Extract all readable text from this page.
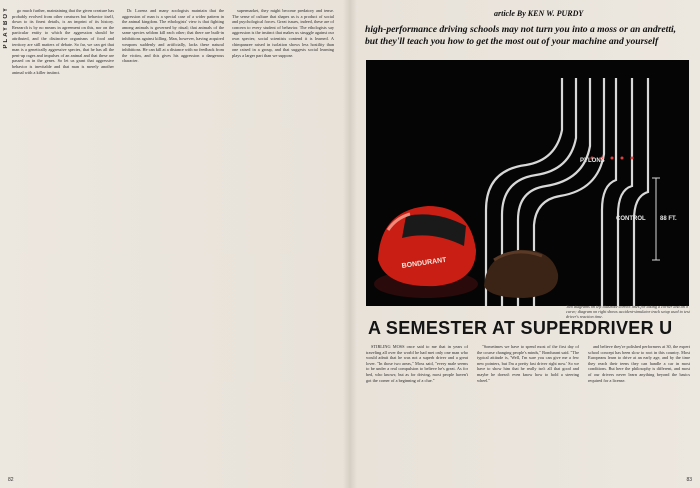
PLAYBOY	go much further, maintaining that the given creature has probably evolved from other creatures but behavior itself, down to its finest details, is an imprint of its history. Research is by no means in agreement on this, nor on the particular entity to which the aggression should be attributed, and the distinctive organisms of food and territory are still matters of debate. So far, we can get that man is a genetically aggressive species, that he has all the pent-up rages and impulses of an animal and that these are passed on in the genes. So let us grant that aggressive behavior is inevitable and that man is merely another animal with a killer instinct.

Dr. Lorenz and many zoologists maintain that the aggression of man is a special case of a wider pattern in the animal kingdom. The ethologists' view is that fighting among animals is governed by ritual; that animals of the same species seldom kill each other; that there are built-in inhibitions against killing. Man, however, having acquired weapons suddenly and artificially, lacks these natural inhibitions. He can kill at a distance with no feedback from the victim, and this gives his aggression a dangerous character.

supermarket, they might become predatory and tense. The sense of culture that shapes us is a product of social and psychological forces. Great issues, indeed, these are of concern to every student of behavior. The ethologists say aggression is the instinct that makes us struggle against our own species; social scientists contend it is learned. A chimpanzee raised in isolation shows less hostility than one raised in a group, and that suggests social learning plays a larger part than we suppose.

82
article By KEN W. PURDY
high-performance driving schools may not turn you into a moss or an andretti, but they'll teach you how to get the most out of your machine and yourself
PYLONS
CONTROL 88 FT.
BONDURANT
Two diagrams on left illustrate correct lines for taking a corner and an S curve; diagram on right shows accident-simulator track setup used to test driver's reaction time.
A SEMESTER AT SUPERDRIVER U

STIRLING MOSS once said to me that in years of traveling all over the world he had met only one man who would admit that he was not a superb driver and a great lover. "In those two areas," Moss said, "every male seems to be under a real compulsion to believe he's great. As for bed, who knows; but as for driving, most people haven't got the corner of a beginning of a clue."

"Sometimes we have to spend most of the first day of the course changing people's minds," Bondurant said. "The typical attitude is, 'Well, I'm sure you can give me a few new pointers, but I'm a pretty fast driver right now.' So we have to show him that he really isn't all that good and maybe he doesn't even know how to hold a steering wheel."

and believe they're polished performers at 30, the expert school concept has been slow to root in this country. Most Europeans learn to drive at an early age, and by the time they reach their teens they can handle a car in most conditions. But here the philosophy is different, and most of our drivers never learn anything beyond the basics required for a license.

83
